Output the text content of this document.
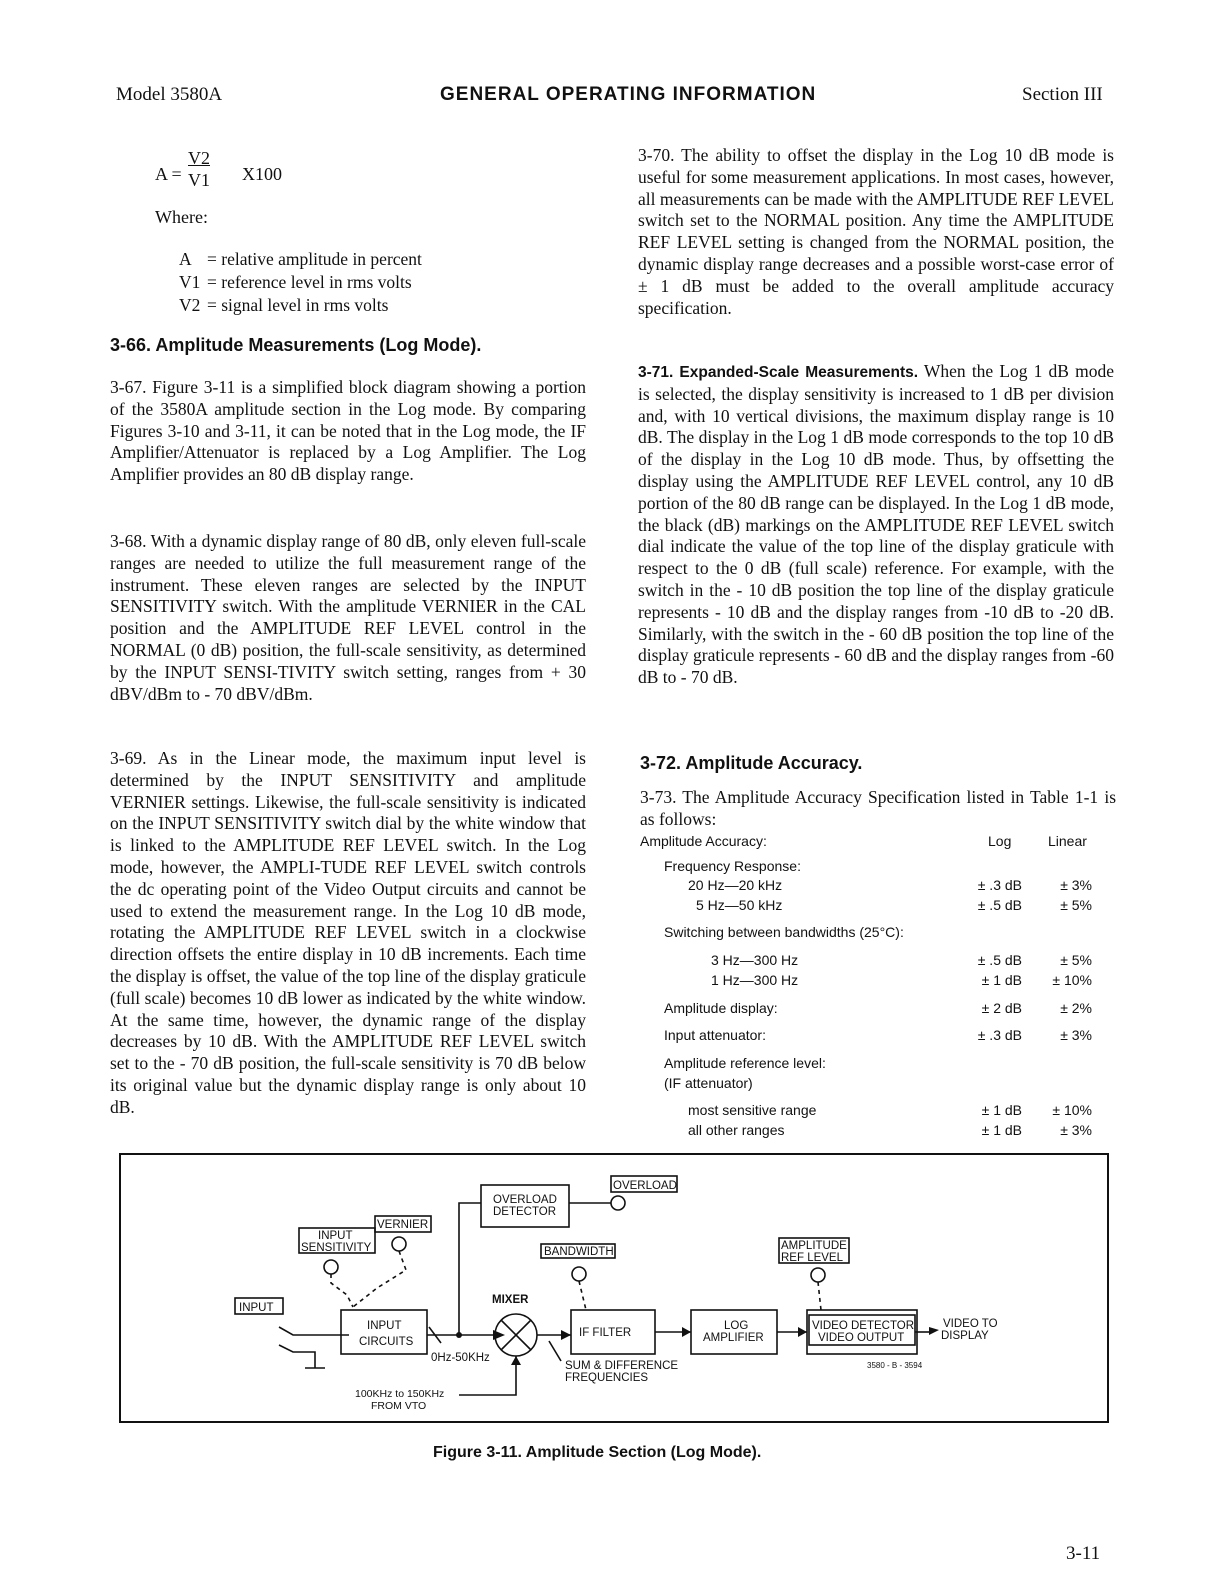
Model 3580A	GENERAL OPERATING INFORMATION	Section III
A =
V2
V1 X100
Where:
A = relative amplitude in percent
V1 = reference level in rms volts
V2 = signal level in rms volts
3-66. Amplitude Measurements (Log Mode).

3-67. Figure 3-11 is a simplified block diagram showing a portion of the 3580A amplitude section in the Log mode. By comparing Figures 3-10 and 3-11, it can be noted that in the Log mode, the IF Amplifier/Attenuator is replaced by a Log Amplifier. The Log Amplifier provides an 80 dB display range.

3-68. With a dynamic display range of 80 dB, only eleven full-scale ranges are needed to utilize the full measurement range of the instrument. These eleven ranges are selected by the INPUT SENSITIVITY switch. With the amplitude VERNIER in the CAL position and the AMPLITUDE REF LEVEL control in the NORMAL (0 dB) position, the full-scale sensitivity, as determined by the INPUT SENSI-TIVITY switch setting, ranges from + 30 dBV/dBm to - 70 dBV/dBm.

3-69. As in the Linear mode, the maximum input level is determined by the INPUT SENSITIVITY and amplitude VERNIER settings. Likewise, the full-scale sensitivity is indicated on the INPUT SENSITIVITY switch dial by the white window that is linked to the AMPLITUDE REF LEVEL switch. In the Log mode, however, the AMPLI-TUDE REF LEVEL switch controls the dc operating point of the Video Output circuits and cannot be used to extend the measurement range. In the Log 10 dB mode, rotating the AMPLITUDE REF LEVEL switch in a clockwise direction offsets the entire display in 10 dB increments. Each time the display is offset, the value of the top line of the display graticule (full scale) becomes 10 dB lower as indicated by the white window. At the same time, however, the dynamic range of the display decreases by 10 dB. With the AMPLITUDE REF LEVEL switch set to the - 70 dB position, the full-scale sensitivity is 70 dB below its original value but the dynamic display range is only about 10 dB.

3-70. The ability to offset the display in the Log 10 dB mode is useful for some measurement applications. In most cases, however, all measurements can be made with the AMPLITUDE REF LEVEL switch set to the NORMAL position. Any time the AMPLITUDE REF LEVEL setting is changed from the NORMAL position, the dynamic display range decreases and a possible worst-case error of ± 1 dB must be added to the overall amplitude accuracy specification.

3-71. Expanded-Scale Measurements. When the Log 1 dB mode is selected, the display sensitivity is increased to 1 dB per division and, with 10 vertical divisions, the maximum display range is 10 dB. The display in the Log 1 dB mode corresponds to the top 10 dB of the display in the Log 10 dB mode. Thus, by offsetting the display using the AMPLITUDE REF LEVEL control, any 10 dB portion of the 80 dB range can be displayed. In the Log 1 dB mode, the black (dB) markings on the AMPLITUDE REF LEVEL switch dial indicate the value of the top line of the display graticule with respect to the 0 dB (full scale) reference. For example, with the switch in the - 10 dB position the top line of the display graticule represents - 10 dB and the display ranges from -10 dB to -20 dB. Similarly, with the switch in the - 60 dB position the top line of the display graticule represents - 60 dB and the display ranges from -60 dB to - 70 dB.

3-72. Amplitude Accuracy.

3-73. The Amplitude Accuracy Specification listed in Table 1-1 is as follows:

Amplitude Accuracy:	Log	Linear
Frequency Response:
20 Hz—20 kHz	± .3 dB	± 3%
5 Hz—50 kHz	± .5 dB	± 5%
Switching between bandwidths (25°C):
3 Hz—300 Hz	± .5 dB	± 5%
1 Hz—300 Hz	± 1 dB	± 10%
Amplitude display:	± 2 dB	± 2%
Input attenuator:	± .3 dB	± 3%
Amplitude reference level:
(IF attenuator)
most sensitive range	± 1 dB	± 10%
all other ranges	± 1 dB	± 3%
INPUT
INPUT
SENSITIVITY
VERNIER
INPUT
CIRCUITS
OVERLOAD
DETECTOR
OVERLOAD
MIXER
BANDWIDTH
0Hz-50KHz
IF FILTER
LOG
AMPLIFIER
AMPLITUDE
REF LEVEL
VIDEO DETECTOR
VIDEO OUTPUT
VIDEO TO
DISPLAY
SUM & DIFFERENCE
FREQUENCIES
100KHz to 150KHz
FROM VTO
3580 - B - 3594
Figure 3-11. Amplitude Section (Log Mode).
3-11
